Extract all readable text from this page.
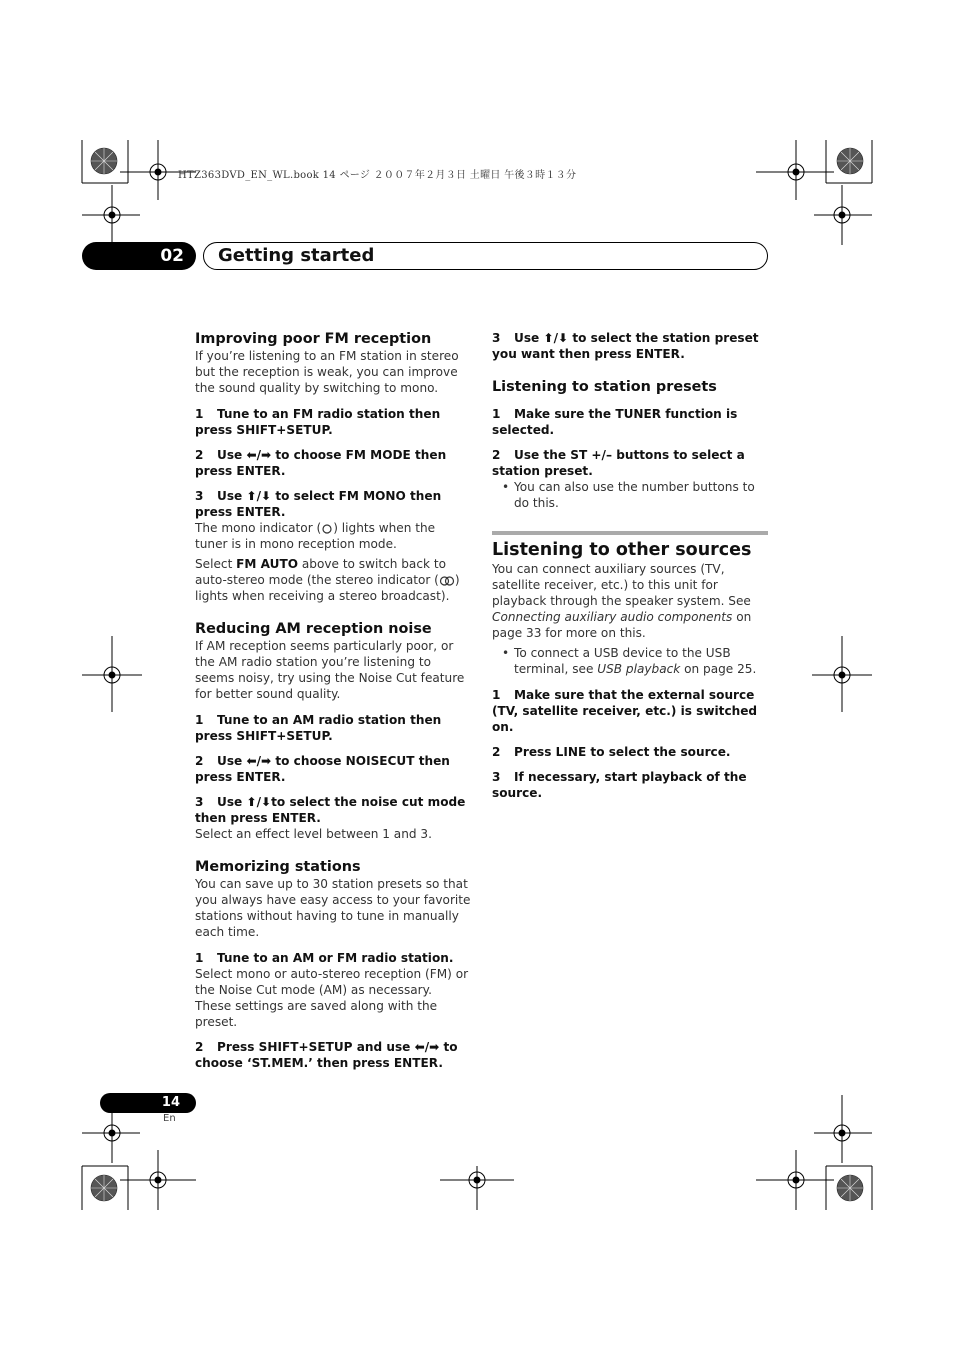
HTZ363DVD_EN_WL.book 14 ページ ２００７年２月３日 土曜日 午後３時１３分
02	Getting started
Improving poor FM reception

If you’re listening to an FM station in stereo but the reception is weak, you can improve the sound quality by switching to mono.

1 Tune to an FM radio station then press SHIFT+SETUP.

2 Use ⬅/➡ to choose FM MODE then press ENTER.

3 Use ⬆/⬇ to select FM MONO then press ENTER.

The mono indicator ( ) lights when the tuner is in mono reception mode.

Select FM AUTO above to switch back to auto-stereo mode (the stereo indicator ( ) lights when receiving a stereo broadcast).

Reducing AM reception noise

If AM reception seems particularly poor, or the AM radio station you’re listening to seems noisy, try using the Noise Cut feature for better sound quality.

1 Tune to an AM radio station then press SHIFT+SETUP.

2 Use ⬅/➡ to choose NOISECUT then press ENTER.

3 Use ⬆/⬇to select the noise cut mode then press ENTER.

Select an effect level between 1 and 3.

Memorizing stations

You can save up to 30 station presets so that you always have easy access to your favorite stations without having to tune in manually each time.

1 Tune to an AM or FM radio station.

Select mono or auto-stereo reception (FM) or the Noise Cut mode (AM) as necessary. These settings are saved along with the preset.

2 Press SHIFT+SETUP and use ⬅/➡ to choose ‘ST.MEM.’ then press ENTER.

3 Use ⬆/⬇ to select the station preset you want then press ENTER.

Listening to station presets

1 Make sure the TUNER function is selected.

2 Use the ST +/– buttons to select a station preset.

• You can also use the number buttons to do this.

Listening to other sources

You can connect auxiliary sources (TV, satellite receiver, etc.) to this unit for playback through the speaker system. See Connecting auxiliary audio components on page 33 for more on this.

• To connect a USB device to the USB terminal, see USB playback on page 25.

1 Make sure that the external source (TV, satellite receiver, etc.) is switched on.

2 Press LINE to select the source.

3 If necessary, start playback of the source.

14
En
